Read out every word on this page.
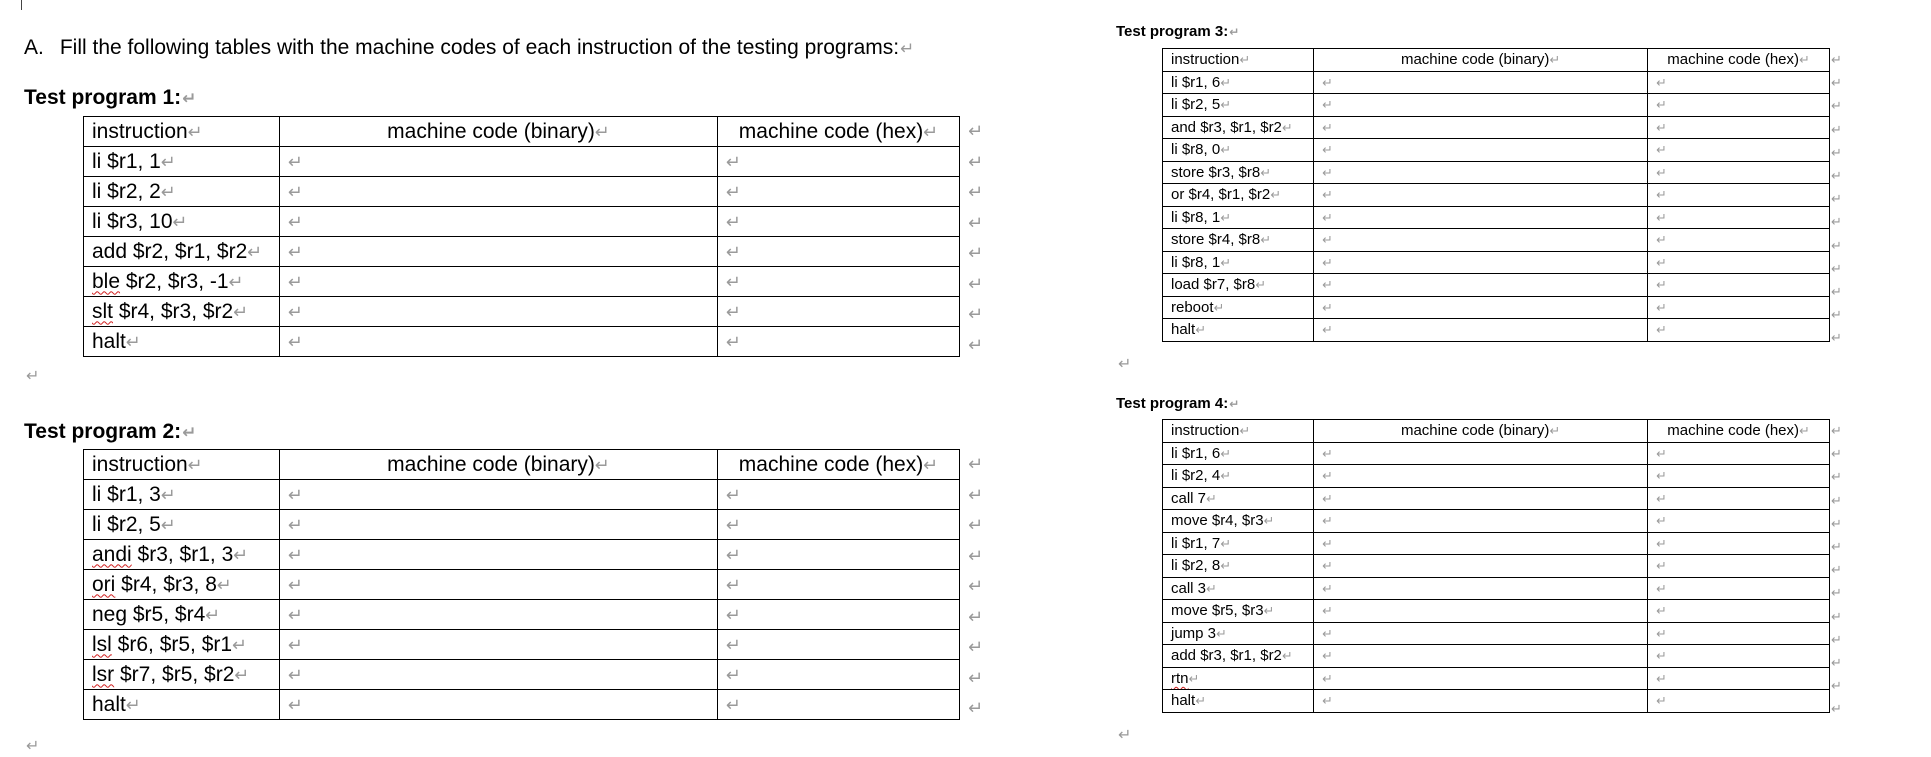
A. Fill the following tables with the machine codes of each instruction of the testing programs:↵
Test program 1:↵
instruction↵	machine code (binary)↵	machine code (hex)↵
li $r1, 1↵	↵	↵
li $r2, 2↵	↵	↵
li $r3, 10↵	↵	↵
add $r2, $r1, $r2↵	↵	↵
ble $r2, $r3, -1↵	↵	↵
slt $r4, $r3, $r2↵	↵	↵
halt↵	↵	↵
↵
↵
↵
↵
↵
↵
↵
↵
↵
Test program 2:↵
instruction↵	machine code (binary)↵	machine code (hex)↵
li $r1, 3↵	↵	↵
li $r2, 5↵	↵	↵
andi $r3, $r1, 3↵	↵	↵
ori $r4, $r3, 8↵	↵	↵
neg $r5, $r4↵	↵	↵
lsl $r6, $r5, $r1↵	↵	↵
lsr $r7, $r5, $r2↵	↵	↵
halt↵	↵	↵
↵
↵
↵
↵
↵
↵
↵
↵
↵
↵
Test program 3:↵
instruction↵	machine code (binary)↵	machine code (hex)↵
li $r1, 6↵	↵	↵
li $r2, 5↵	↵	↵
and $r3, $r1, $r2↵	↵	↵
li $r8, 0↵	↵	↵
store $r3, $r8↵	↵	↵
or $r4, $r1, $r2↵	↵	↵
li $r8, 1↵	↵	↵
store $r4, $r8↵	↵	↵
li $r8, 1↵	↵	↵
load $r7, $r8↵	↵	↵
reboot↵	↵	↵
halt↵	↵	↵
↵
↵
↵
↵
↵
↵
↵
↵
↵
↵
↵
↵
↵
↵
Test program 4:↵
instruction↵	machine code (binary)↵	machine code (hex)↵
li $r1, 6↵	↵	↵
li $r2, 4↵	↵	↵
call 7↵	↵	↵
move $r4, $r3↵	↵	↵
li $r1, 7↵	↵	↵
li $r2, 8↵	↵	↵
call 3↵	↵	↵
move $r5, $r3↵	↵	↵
jump 3↵	↵	↵
add $r3, $r1, $r2↵	↵	↵
rtn↵	↵	↵
halt↵	↵	↵
↵
↵
↵
↵
↵
↵
↵
↵
↵
↵
↵
↵
↵
↵
